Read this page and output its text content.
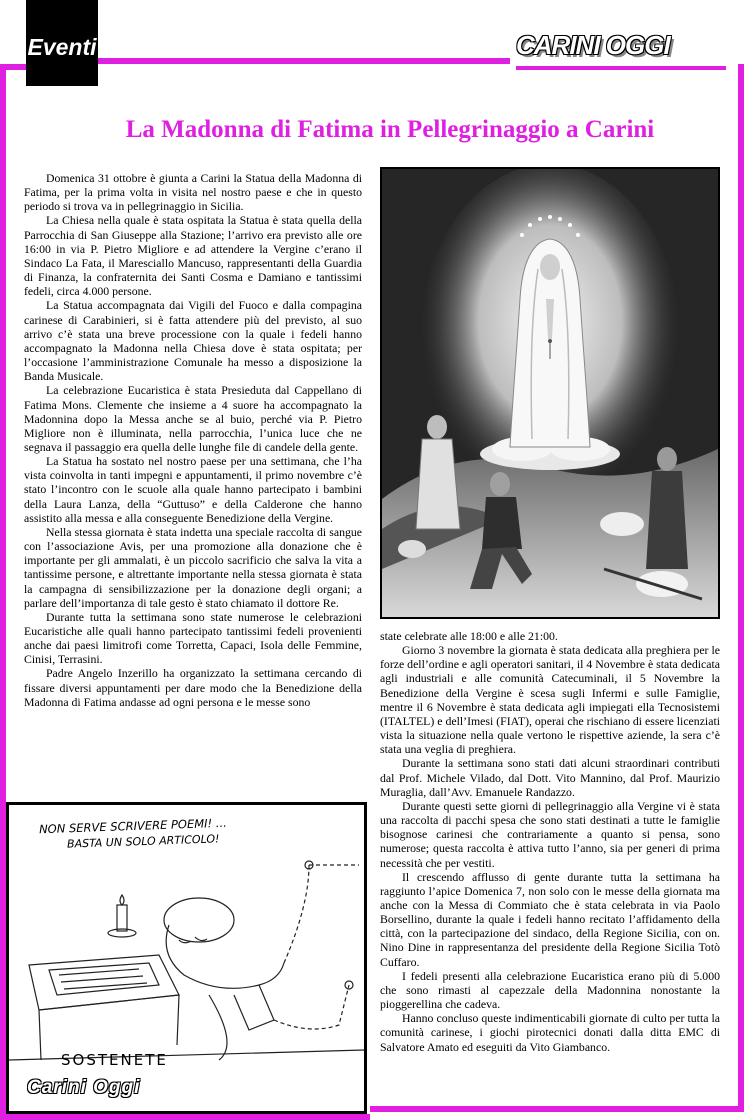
Eventi	CARINI OGGI
La Madonna di Fatima in Pellegrinaggio a Carini

Domenica 31 ottobre è giunta a Carini la Statua della Madonna di Fatima, per la prima volta in visita nel nostro paese e che in questo periodo si trova va in pellegrinaggio in Sicilia.

La Chiesa nella quale è stata ospitata la Statua è stata quella della Parrocchia di San Giuseppe alla Stazione; l’arrivo era previsto alle ore 16:00 in via P. Pietro Migliore e ad attendere la Vergine c’erano il Sindaco La Fata, il Maresciallo Mancuso, rappresentanti della Guardia di Finanza, la confraternita dei Santi Cosma e Damiano e tantissimi fedeli, circa 4.000 persone.

La Statua accompagnata dai Vigili del Fuoco e dalla compagina carinese di Carabinieri, si è fatta attendere più del previsto, al suo arrivo c’è stata una breve processione con la quale i fedeli hanno accompagnato la Madonna nella Chiesa dove è stata ospitata; per l’occasione l’amministrazione Comunale ha messo a disposizione la Banda Musicale.

La celebrazione Eucaristica è stata Presieduta dal Cappellano di Fatima Mons. Clemente che insieme a 4 suore ha accompagnato la Madonnina dopo la Messa anche se al buio, perché via P. Pietro Migliore non è illuminata, nella parrocchia, l’unica luce che ne segnava il passaggio era quella delle lunghe file di candele della gente.

La Statua ha sostato nel nostro paese per una settimana, che l’ha vista coinvolta in tanti impegni e appuntamenti, il primo novembre c’è stato l’incontro con le scuole alla quale hanno partecipato i bambini della Laura Lanza, della “Guttuso” e della Calderone che hanno assistito alla messa e alla conseguente Benedizione della Vergine.

Nella stessa giornata è stata indetta una speciale raccolta di sangue con l’associazione Avis, per una promozione alla donazione che è importante per gli ammalati, è un piccolo sacrificio che salva la vita a tantissime persone, e altrettante importante nella stessa giornata è stata la campagna di sensibilizzazione per la donazione degli organi; a parlare dell’importanza di tale gesto è stato chiamato il dottore Re.

Durante tutta la settimana sono state numerose le celebrazioni Eucaristiche alle quali hanno partecipato tantissimi fedeli provenienti anche dai paesi limitrofi come Torretta, Capaci, Isola delle Femmine, Cinisi, Terrasini.

Padre Angelo Inzerillo ha organizzato la settimana cercando di fissare diversi appuntamenti per dare modo che la Benedizione della Madonna di Fatima andasse ad ogni persona e le messe sono

state celebrate alle 18:00 e alle 21:00.

Giorno 3 novembre la giornata è stata dedicata alla preghiera per le forze dell’ordine e agli operatori sanitari, il 4 Novembre è stata dedicata agli industriali e alle comunità Catecuminali, il 5 Novembre la Benedizione della Vergine è scesa sugli Infermi e sulle Famiglie, mentre il 6 Novembre è stata dedicata agli impiegati ella Tecnosistemi (ITALTEL) e dell’Imesi (FIAT), operai che rischiano di essere licenziati vista la situazione nella quale vertono le rispettive aziende, la sera c’è stata una veglia di preghiera.

Durante la settimana sono stati dati alcuni straordinari contributi dal Prof. Michele Vilado, dal Dott. Vito Mannino, dal Prof. Maurizio Muraglia, dall’Avv. Emanuele Randazzo.

Durante questi sette giorni di pellegrinaggio alla Vergine vi è stata una raccolta di pacchi spesa che sono stati destinati a tutte le famiglie bisognose carinesi che contrariamente a quanto si pensa, sono numerose; questa raccolta è attiva tutto l’anno, sia per generi di prima necessità che per vestiti.

Il crescendo afflusso di gente durante tutta la settimana ha raggiunto l’apice Domenica 7, non solo con le messe della giornata ma anche con la Messa di Commiato che è stata celebrata in via Paolo Borsellino, durante la quale i fedeli hanno recitato l’affidamento della città, con la partecipazione del sindaco, della Regione Sicilia, con on. Nino Dine in rappresentanza del presidente della Regione Sicilia Totò Cuffaro.

I fedeli presenti alla celebrazione Eucaristica erano più di 5.000 che sono rimasti al capezzale della Madonnina nonostante la pioggerellina che cadeva.

Hanno concluso queste indimenticabili giornate di culto per tutta la comunità carinese, i giochi pirotecnici donati dalla ditta EMC di Salvatore Amato ed eseguiti da Vito Giambanco.

NON SERVE SCRIVERE POEMI! ...
BASTA UN SOLO ARTICOLO!
SOSTENETE
Carini Oggi
